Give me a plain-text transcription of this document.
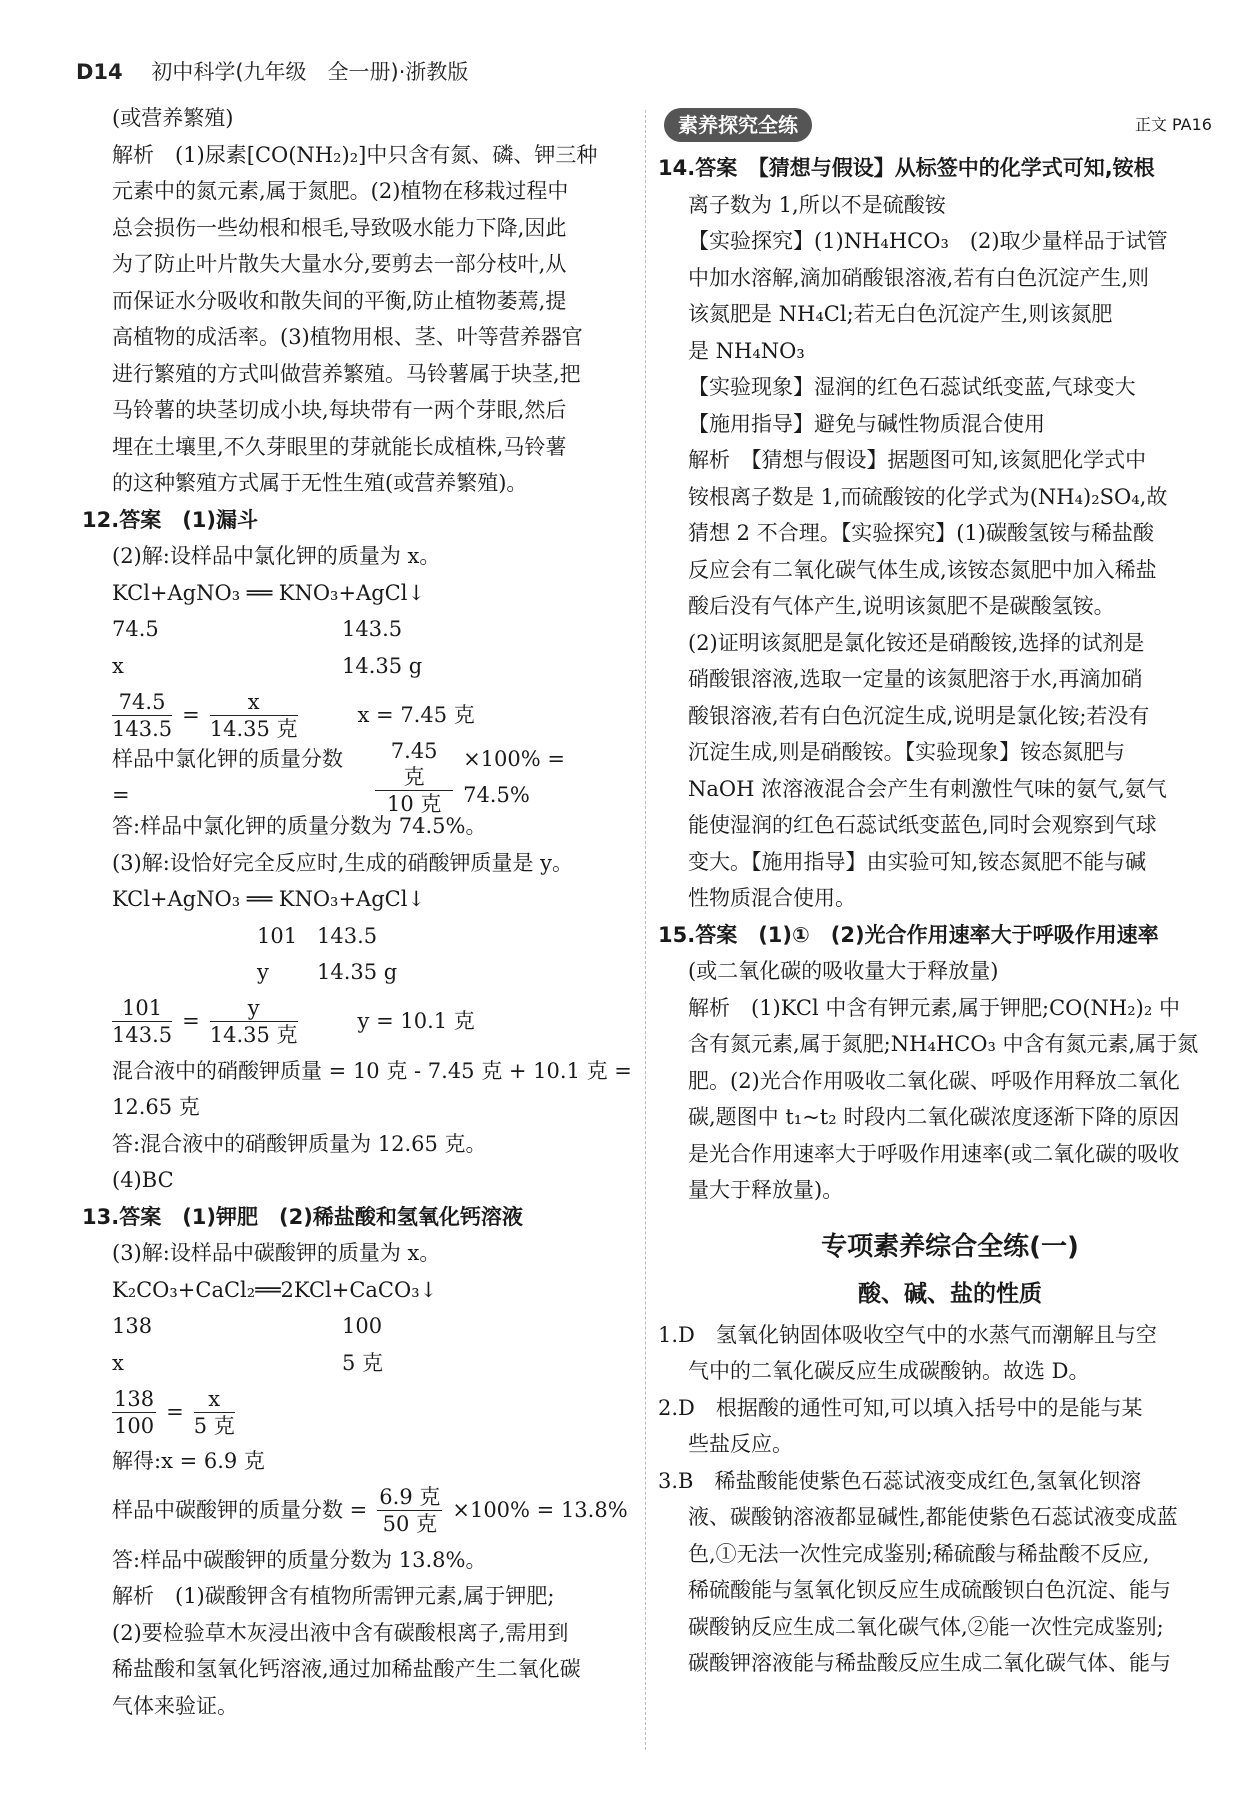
D14 初中科学(九年级　全一册)·浙教版
(或营养繁殖)
解析　(1)尿素[CO(NH₂)₂]中只含有氮、磷、钾三种
元素中的氮元素,属于氮肥。(2)植物在移栽过程中
总会损伤一些幼根和根毛,导致吸水能力下降,因此
为了防止叶片散失大量水分,要剪去一部分枝叶,从
而保证水分吸收和散失间的平衡,防止植物萎蔫,提
高植物的成活率。(3)植物用根、茎、叶等营养器官
进行繁殖的方式叫做营养繁殖。马铃薯属于块茎,把
马铃薯的块茎切成小块,每块带有一两个芽眼,然后
埋在土壤里,不久芽眼里的芽就能长成植株,马铃薯
的这种繁殖方式属于无性生殖(或营养繁殖)。
12.答案　(1)漏斗
(2)解:设样品中氯化钾的质量为 x。
KCl+AgNO₃ ══ KNO₃+AgCl↓
74.5	143.5
x	14.35 g
$\frac{74.5}{143.5} = \frac{x}{\text{14.35 克}}$	x = 7.45 克
样品中氯化钾的质量分数 =	$\frac{\text{7.45 克}}{\text{10 克}} \times 100\% = 74.5\%$
答:样品中氯化钾的质量分数为 74.5%。
(3)解:设恰好完全反应时,生成的硝酸钾质量是 y。
KCl+AgNO₃ ══ KNO₃+AgCl↓
101 143.5
y	14.35 g
$\frac{101}{143.5} = \frac{y}{\text{14.35 克}}$	y = 10.1 克
混合液中的硝酸钾质量 = 10 克 - 7.45 克 + 10.1 克 =
12.65 克
答:混合液中的硝酸钾质量为 12.65 克。
(4)BC
13.答案　(1)钾肥　(2)稀盐酸和氢氧化钙溶液
(3)解:设样品中碳酸钾的质量为 x。
K₂CO₃+CaCl₂══2KCl+CaCO₃↓
138	100
x	5 克
$\frac{138}{100} = \frac{x}{\text{5 克}}$
解得:x = 6.9 克
样品中碳酸钾的质量分数 = $\frac{\text{6.9 克}}{\text{50 克}} \times 100\% = 13.8\%$
答:样品中碳酸钾的质量分数为 13.8%。
解析　(1)碳酸钾含有植物所需钾元素,属于钾肥;
(2)要检验草木灰浸出液中含有碳酸根离子,需用到
稀盐酸和氢氧化钙溶液,通过加稀盐酸产生二氧化碳
气体来验证。
素养探究全练	正文 PA16
14.答案　【猜想与假设】从标签中的化学式可知,铵根
离子数为 1,所以不是硫酸铵
【实验探究】(1)NH₄HCO₃　(2)取少量样品于试管
中加水溶解,滴加硝酸银溶液,若有白色沉淀产生,则
该氮肥是 NH₄Cl;若无白色沉淀产生,则该氮肥
是 NH₄NO₃
【实验现象】湿润的红色石蕊试纸变蓝,气球变大
【施用指导】避免与碱性物质混合使用
解析　【猜想与假设】据题图可知,该氮肥化学式中
铵根离子数是 1,而硫酸铵的化学式为(NH₄)₂SO₄,故
猜想 2 不合理。【实验探究】(1)碳酸氢铵与稀盐酸
反应会有二氧化碳气体生成,该铵态氮肥中加入稀盐
酸后没有气体产生,说明该氮肥不是碳酸氢铵。
(2)证明该氮肥是氯化铵还是硝酸铵,选择的试剂是
硝酸银溶液,选取一定量的该氮肥溶于水,再滴加硝
酸银溶液,若有白色沉淀生成,说明是氯化铵;若没有
沉淀生成,则是硝酸铵。【实验现象】铵态氮肥与
NaOH 浓溶液混合会产生有刺激性气味的氨气,氨气
能使湿润的红色石蕊试纸变蓝色,同时会观察到气球
变大。【施用指导】由实验可知,铵态氮肥不能与碱
性物质混合使用。
15.答案　(1)①　(2)光合作用速率大于呼吸作用速率
(或二氧化碳的吸收量大于释放量)
解析　(1)KCl 中含有钾元素,属于钾肥;CO(NH₂)₂ 中
含有氮元素,属于氮肥;NH₄HCO₃ 中含有氮元素,属于氮
肥。(2)光合作用吸收二氧化碳、呼吸作用释放二氧化
碳,题图中 t₁~t₂ 时段内二氧化碳浓度逐渐下降的原因
是光合作用速率大于呼吸作用速率(或二氧化碳的吸收
量大于释放量)。
专项素养综合全练(一)
酸、碱、盐的性质
1.D　氢氧化钠固体吸收空气中的水蒸气而潮解且与空
气中的二氧化碳反应生成碳酸钠。故选 D。
2.D　根据酸的通性可知,可以填入括号中的是能与某
些盐反应。
3.B　稀盐酸能使紫色石蕊试液变成红色,氢氧化钡溶
液、碳酸钠溶液都显碱性,都能使紫色石蕊试液变成蓝
色,①无法一次性完成鉴别;稀硫酸与稀盐酸不反应,
稀硫酸能与氢氧化钡反应生成硫酸钡白色沉淀、能与
碳酸钠反应生成二氧化碳气体,②能一次性完成鉴别;
碳酸钾溶液能与稀盐酸反应生成二氧化碳气体、能与
